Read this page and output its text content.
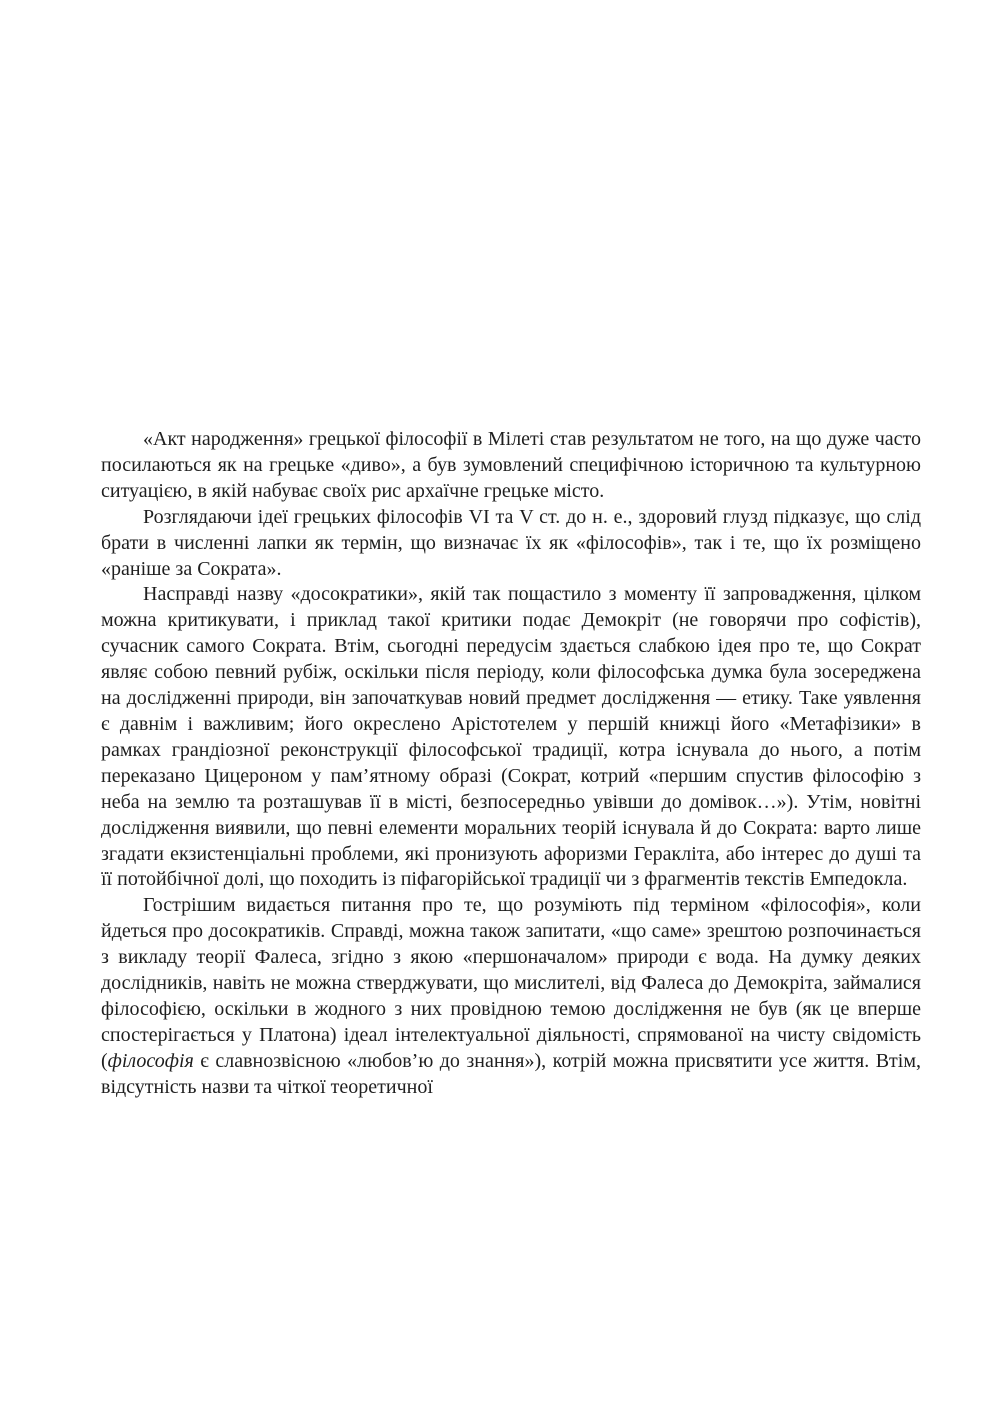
«Акт народження» грецької філософії в Мілеті став результатом не того, на що дуже часто посилаються як на грецьке «диво», а був зумовлений специфічною історичною та культурною ситуацією, в якій набуває своїх рис архаїчне грецьке місто.

Розглядаючи ідеї грецьких філософів VI та V ст. до н. е., здоровий глузд підказує, що слід брати в численні лапки як термін, що визначає їх як «філософів», так і те, що їх розміщено «раніше за Сократа».

Насправді назву «досократики», якій так пощастило з моменту її запровадження, цілком можна критикувати, і приклад такої критики подає Демокріт (не говорячи про софістів), сучасник самого Сократа. Втім, сьогодні передусім здається слабкою ідея про те, що Сократ являє собою певний рубіж, оскільки після періоду, коли філософська думка була зосереджена на дослідженні природи, він започаткував новий предмет дослідження — етику. Таке уявлення є давнім і важливим; його окреслено Арістотелем у першій книжці його «Метафізики» в рамках грандіозної реконструкції філософської традиції, котра існувала до нього, а потім переказано Цицероном у пам’ятному образі (Сократ, котрий «першим спустив філософію з неба на землю та розташував її в місті, безпосередньо увівши до домівок…»). Утім, новітні дослідження виявили, що певні елементи моральних теорій існувала й до Сократа: варто лише згадати екзистенціальні проблеми, які пронизують афоризми Геракліта, або інтерес до душі та її потойбічної долі, що походить із піфагорійської традиції чи з фрагментів текстів Емпедокла.

Гострішим видається питання про те, що розуміють під терміном «філософія», коли йдеться про досократиків. Справді, можна також запитати, «що саме» зрештою розпочинається з викладу теорії Фалеса, згідно з якою «першоначалом» природи є вода. На думку деяких дослідників, навіть не можна стверджувати, що мислителі, від Фалеса до Демокріта, займалися філософією, оскільки в жодного з них провідною темою дослідження не був (як це вперше спостерігається у Платона) ідеал інтелектуальної діяльності, спрямованої на чисту свідомість (філософія є славнозвісною «любов’ю до знання»), котрій можна присвятити усе життя. Втім, відсутність назви та чіткої теоретичної
